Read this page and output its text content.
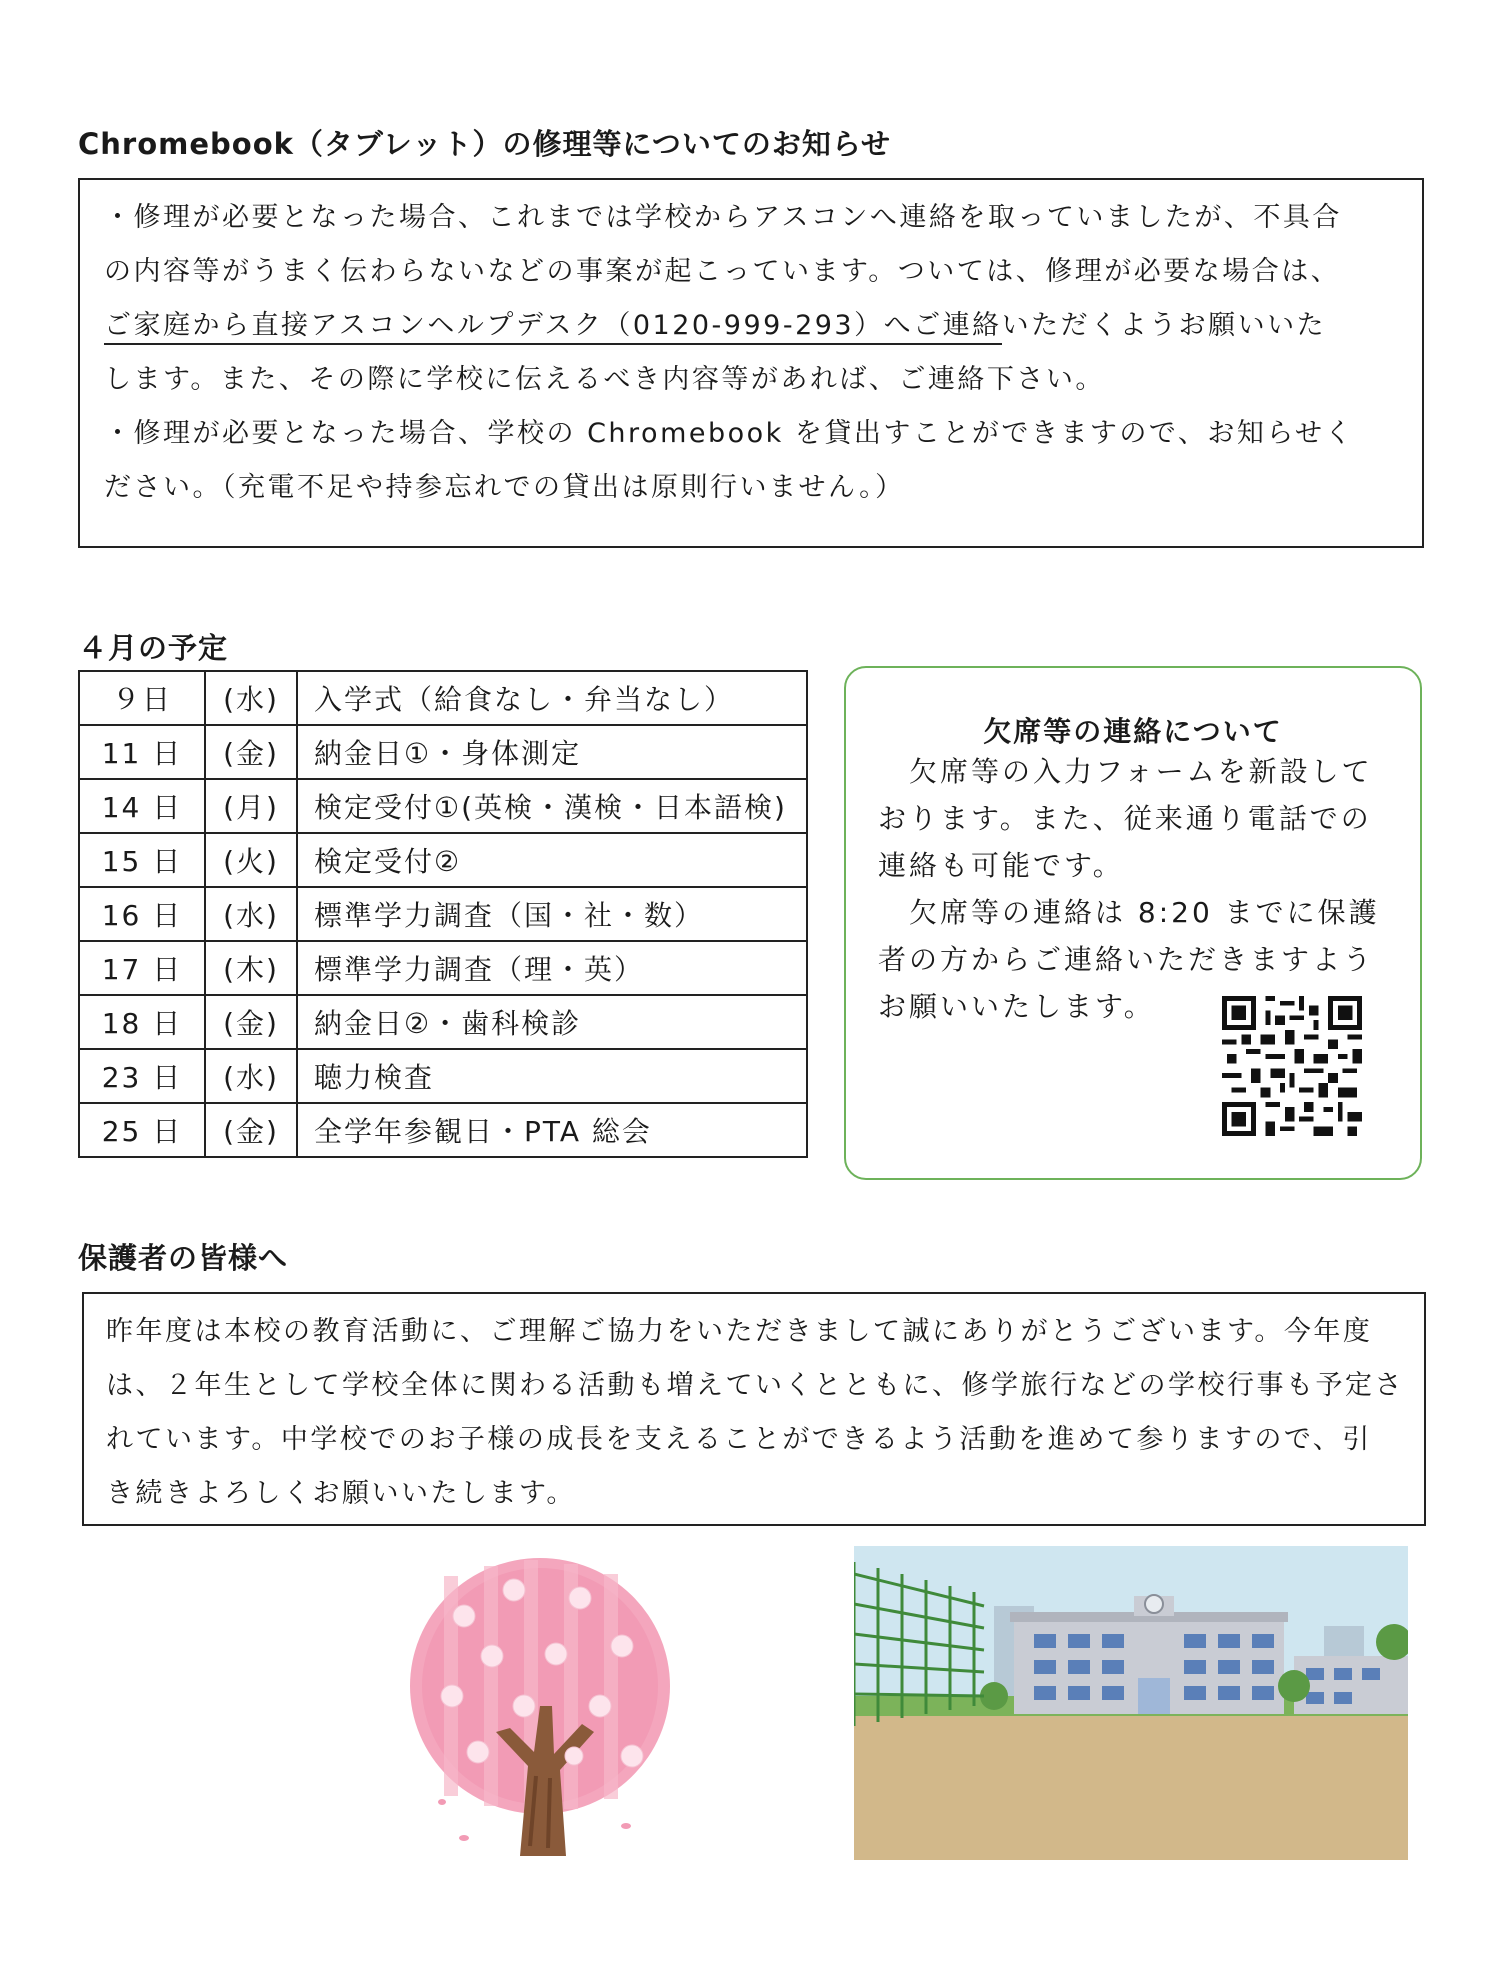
Chromebook（タブレット）の修理等についてのお知らせ
・修理が必要となった場合、これまでは学校からアスコンへ連絡を取っていましたが、不具合
の内容等がうまく伝わらないなどの事案が起こっています。ついては、修理が必要な場合は、
ご家庭から直接アスコンヘルプデスク（0120-999-293）へご連絡いただくようお願いいた
します。また、その際に学校に伝えるべき内容等があれば、ご連絡下さい。
・修理が必要となった場合、学校の Chromebook を貸出すことができますので、お知らせく
ださい。（充電不足や持参忘れでの貸出は原則行いません。）
４月の予定
９日	(水)	入学式（給食なし・弁当なし）
11 日	(金)	納金日①・身体測定
14 日	(月)	検定受付①(英検・漢検・日本語検)
15 日	(火)	検定受付②
16 日	(水)	標準学力調査（国・社・数）
17 日	(木)	標準学力調査（理・英）
18 日	(金)	納金日②・歯科検診
23 日	(水)	聴力検査
25 日	(金)	全学年参観日・PTA 総会
欠席等の連絡について
　欠席等の入力フォームを新設して
おります。また、従来通り電話での
連絡も可能です。
　欠席等の連絡は 8:20 までに保護
者の方からご連絡いただきますよう
お願いいたします。
保護者の皆様へ
昨年度は本校の教育活動に、ご理解ご協力をいただきまして誠にありがとうございます。今年度
は、２年生として学校全体に関わる活動も増えていくとともに、修学旅行などの学校行事も予定さ
れています。中学校でのお子様の成長を支えることができるよう活動を進めて参りますので、引
き続きよろしくお願いいたします。
